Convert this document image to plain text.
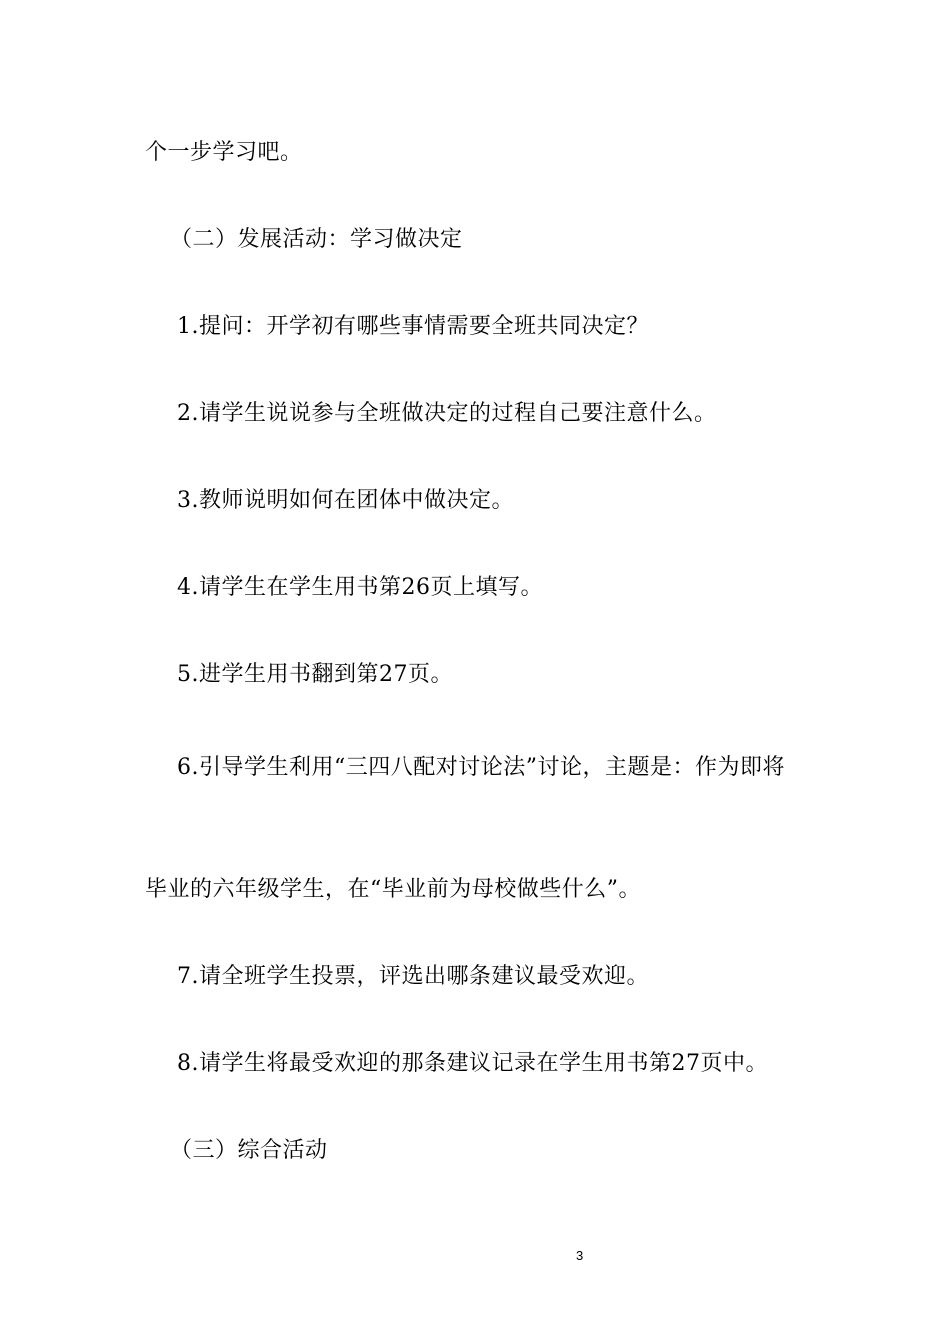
个一步学习吧。

（二）发展活动：学习做决定

1.提问：开学初有哪些事情需要全班共同决定？

2.请学生说说参与全班做决定的过程自己要注意什么。

3.教师说明如何在团体中做决定。

4.请学生在学生用书第26页上填写。

5.进学生用书翻到第27页。

6.引导学生利用“三四八配对讨论法”讨论，主题是：作为即将

毕业的六年级学生，在“毕业前为母校做些什么”。

7.请全班学生投票，评选出哪条建议最受欢迎。

8.请学生将最受欢迎的那条建议记录在学生用书第27页中。

（三）综合活动

3
